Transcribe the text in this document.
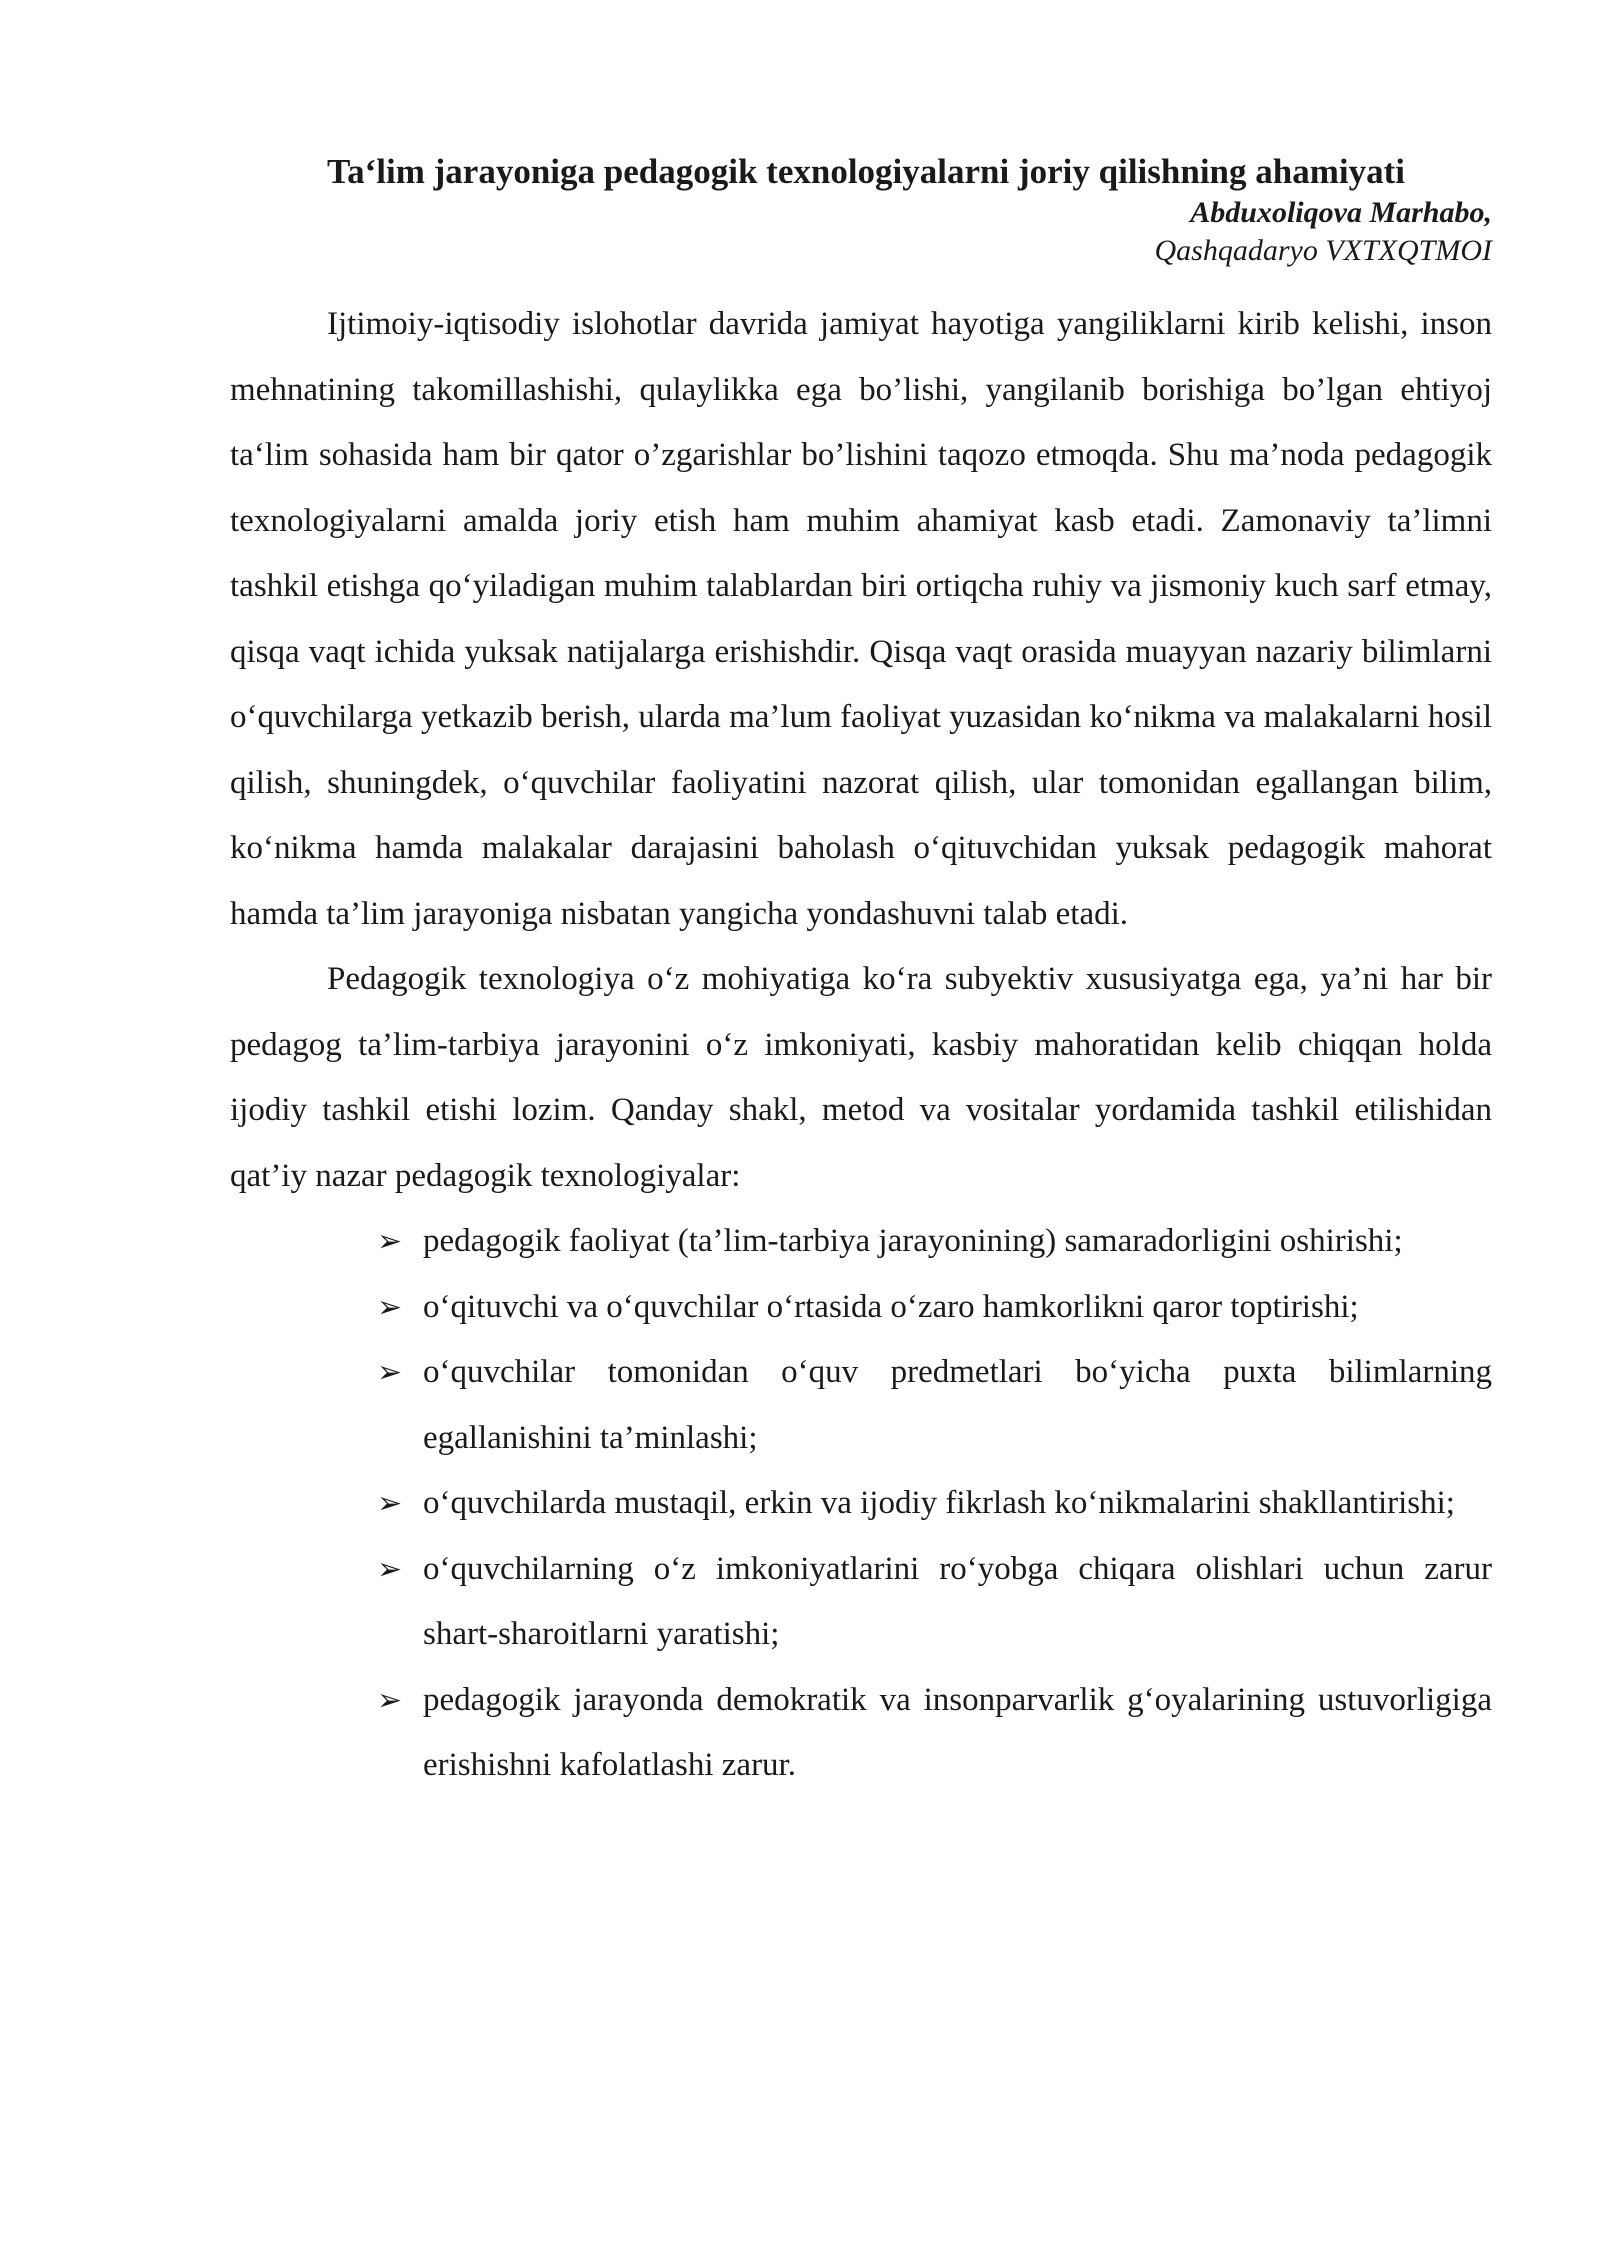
Ta‘lim jarayoniga pedagogik texnologiyalarni joriy qilishning ahamiyati
Abduxoliqova Marhabo,
Qashqadaryo VXTXQTMOI

Ijtimoiy-iqtisodiy islohotlar davrida jamiyat hayotiga yangiliklarni kirib kelishi, inson mehnatining takomillashishi, qulaylikka ega bo’lishi, yangilanib borishiga bo’lgan ehtiyoj ta‘lim sohasida ham bir qator o’zgarishlar bo’lishini taqozo etmoqda. Shu ma’noda pedagogik texnologiyalarni amalda joriy etish ham muhim ahamiyat kasb etadi. Zamonaviy ta’limni tashkil etishga qo‘yiladigan muhim talablardan biri ortiqcha ruhiy va jismoniy kuch sarf etmay, qisqa vaqt ichida yuksak natijalarga erishishdir. Qisqa vaqt orasida muayyan nazariy bilimlarni o‘quvchilarga yetkazib berish, ularda ma’lum faoliyat yuzasidan ko‘nikma va malakalarni hosil qilish, shuningdek, o‘quvchilar faoliyatini nazorat qilish, ular tomonidan egallangan bilim, ko‘nikma hamda malakalar darajasini baholash o‘qituvchidan yuksak pedagogik mahorat hamda ta’lim jarayoniga nisbatan yangicha yondashuvni talab etadi.

Pedagogik texnologiya o‘z mohiyatiga ko‘ra subyektiv xususiyatga ega, ya’ni har bir pedagog ta’lim-tarbiya jarayonini o‘z imkoniyati, kasbiy mahoratidan kelib chiqqan holda ijodiy tashkil etishi lozim. Qanday shakl, metod va vositalar yordamida tashkil etilishidan qat’iy nazar pedagogik texnologiyalar:

➢ pedagogik faoliyat (ta’lim-tarbiya jarayonining) samaradorligini oshirishi;
➢ o‘qituvchi va o‘quvchilar o‘rtasida o‘zaro hamkorlikni qaror toptirishi;
➢ o‘quvchilar tomonidan o‘quv predmetlari bo‘yicha puxta bilimlarning egallanishini ta’minlashi;
➢ o‘quvchilarda mustaqil, erkin va ijodiy fikrlash ko‘nikmalarini shakllantirishi;
➢ o‘quvchilarning o‘z imkoniyatlarini ro‘yobga chiqara olishlari uchun zarur shart-sharoitlarni yaratishi;
➢ pedagogik jarayonda demokratik va insonparvarlik g‘oyalarining ustuvorligiga erishishni kafolatlashi zarur.
